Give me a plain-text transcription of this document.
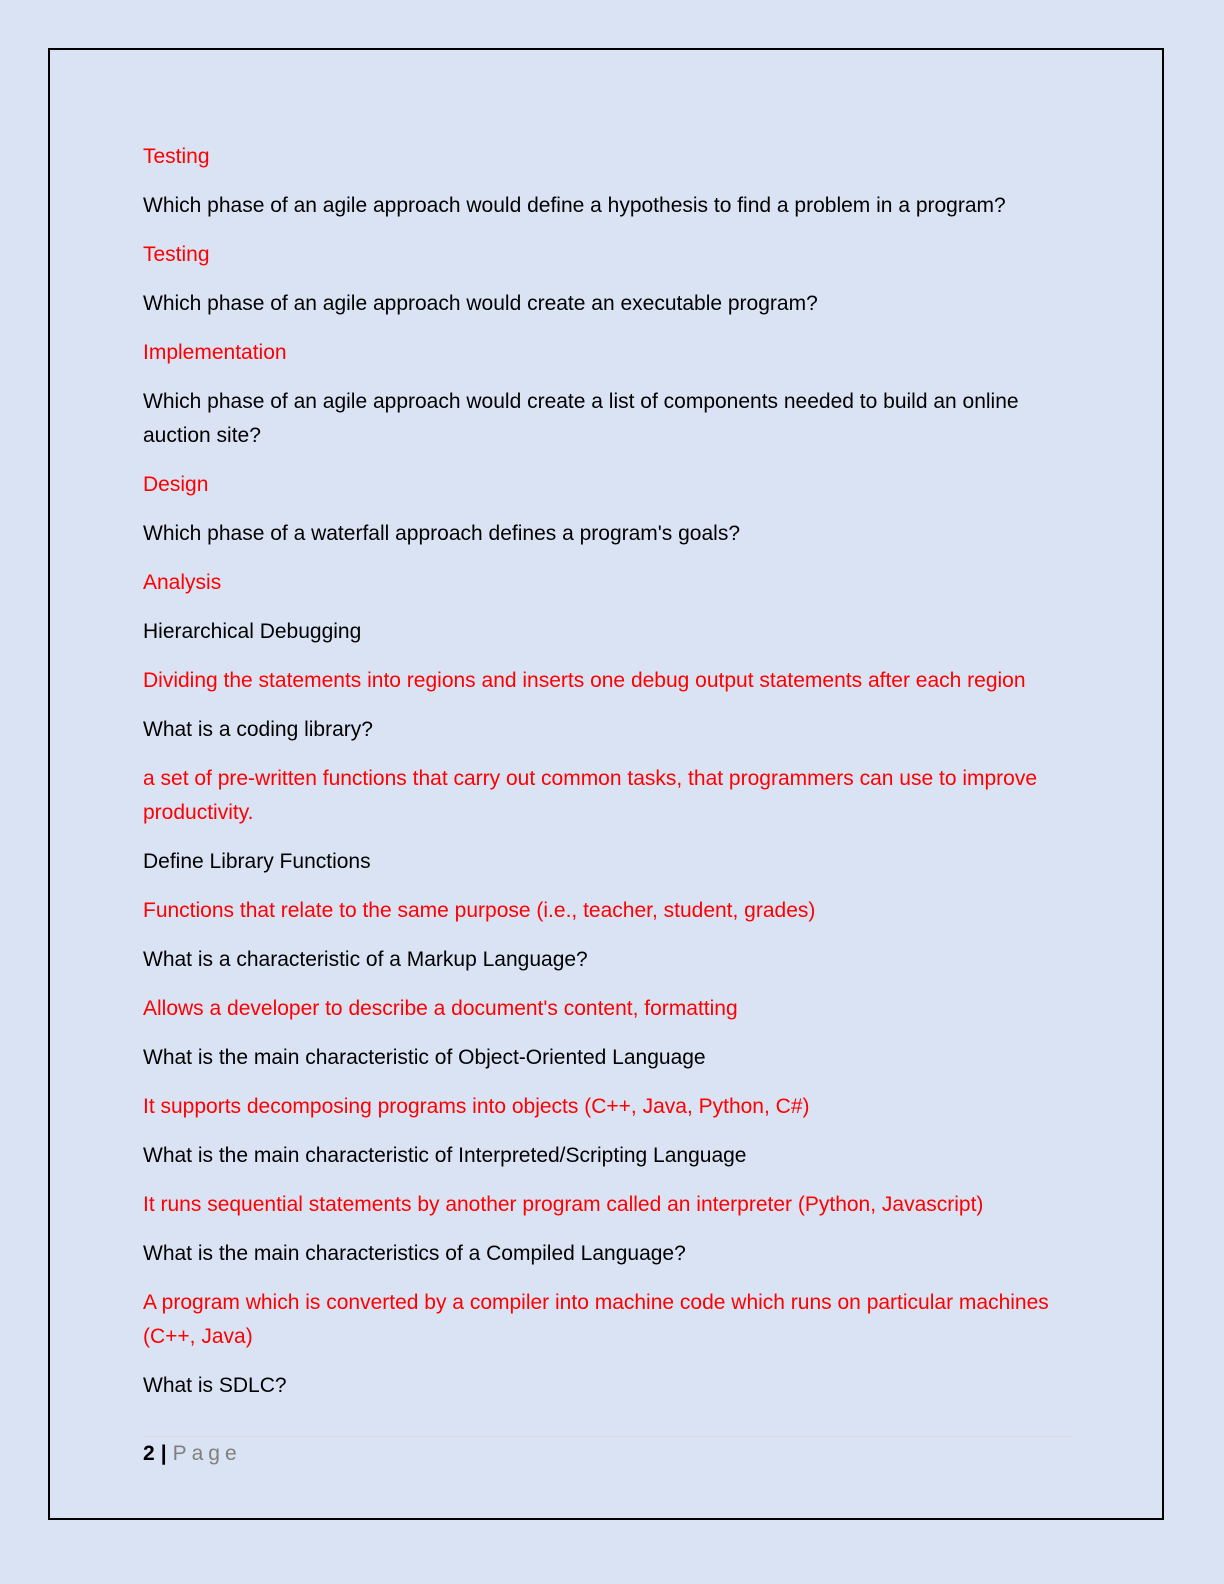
Testing

Which phase of an agile approach would define a hypothesis to find a problem in a program?

Testing

Which phase of an agile approach would create an executable program?

Implementation

Which phase of an agile approach would create a list of components needed to build an online auction site?

Design

Which phase of a waterfall approach defines a program's goals?

Analysis

Hierarchical Debugging

Dividing the statements into regions and inserts one debug output statements after each region

What is a coding library?

a set of pre-written functions that carry out common tasks, that programmers can use to improve productivity.

Define Library Functions

Functions that relate to the same purpose (i.e., teacher, student, grades)

What is a characteristic of a Markup Language?

Allows a developer to describe a document's content, formatting

What is the main characteristic of Object-Oriented Language

It supports decomposing programs into objects (C++, Java, Python, C#)

What is the main characteristic of Interpreted/Scripting Language

It runs sequential statements by another program called an interpreter (Python, Javascript)

What is the main characteristics of a Compiled Language?

A program which is converted by a compiler into machine code which runs on particular machines (C++, Java)

What is SDLC?

2 | Page
